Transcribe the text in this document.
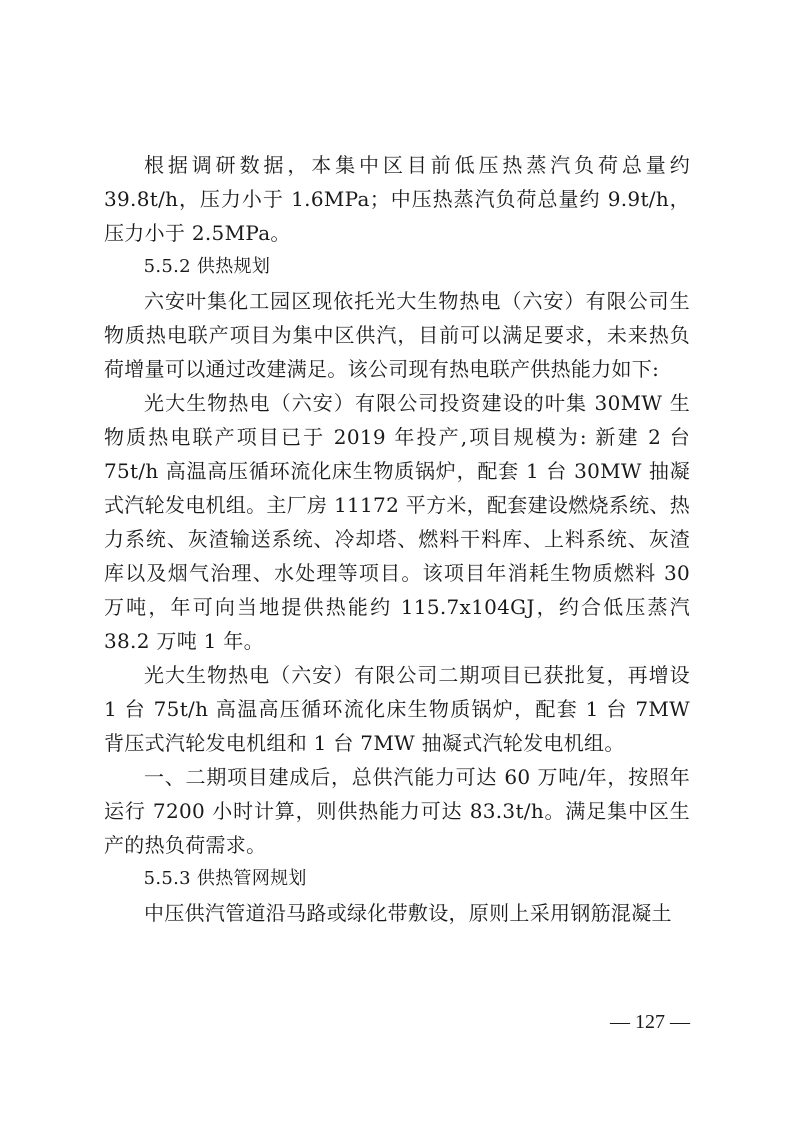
根据调研数据，本集中区目前低压热蒸汽负荷总量约39.8t/h，压力小于 1.6MPa；中压热蒸汽负荷总量约 9.9t/h，压力小于 2.5MPa。

5.5.2 供热规划

六安叶集化工园区现依托光大生物热电（六安）有限公司生物质热电联产项目为集中区供汽，目前可以满足要求，未来热负荷增量可以通过改建满足。该公司现有热电联产供热能力如下:

光大生物热电（六安）有限公司投资建设的叶集 30MW 生物质热电联产项目已于 2019 年投产,项目规模为: 新建 2 台 75t/h 高温高压循环流化床生物质锅炉，配套 1 台 30MW 抽凝式汽轮发电机组。主厂房 11172 平方米，配套建设燃烧系统、热力系统、灰渣输送系统、冷却塔、燃料干料库、上料系统、灰渣库以及烟气治理、水处理等项目。该项目年消耗生物质燃料 30 万吨，年可向当地提供热能约 115.7x104GJ，约合低压蒸汽 38.2 万吨 1 年。

光大生物热电（六安）有限公司二期项目已获批复，再增设 1 台 75t/h 高温高压循环流化床生物质锅炉，配套 1 台 7MW 背压式汽轮发电机组和 1 台 7MW 抽凝式汽轮发电机组。

一、二期项目建成后，总供汽能力可达 60 万吨/年，按照年运行 7200 小时计算，则供热能力可达 83.3t/h。满足集中区生产的热负荷需求。

5.5.3 供热管网规划

中压供汽管道沿马路或绿化带敷设，原则上采用钢筋混凝土

— 127 —
